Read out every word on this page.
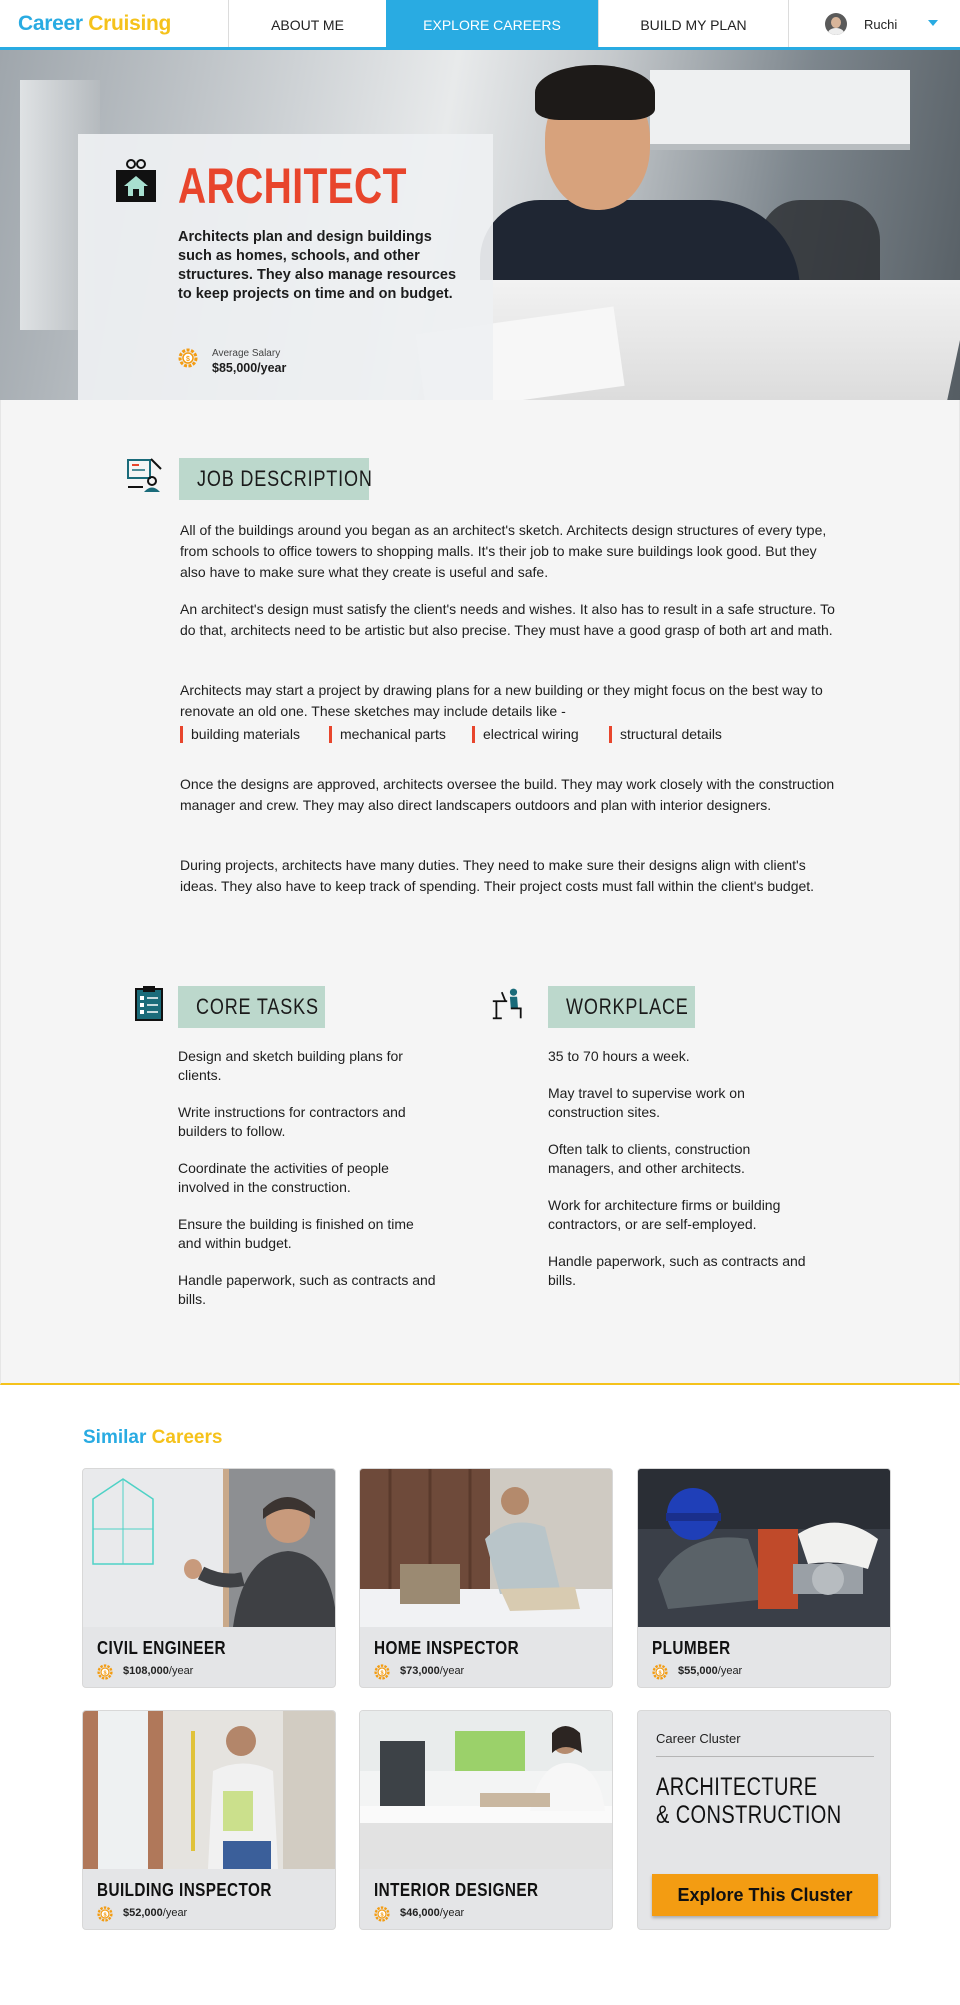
Career Cruising	ABOUT ME	EXPLORE CAREERS	BUILD MY PLAN	Ruchi
ARCHITECT
Architects plan and design buildings such as homes, schools, and other structures. They also manage resources to keep projects on time and on budget.
$
Average Salary
$85,000/year
JOB DESCRIPTION
All of the buildings around you began as an architect's sketch. Architects design structures of every type, from schools to office towers to shopping malls. It's their job to make sure buildings look good. But they also have to make sure what they create is useful and safe.
An architect's design must satisfy the client's needs and wishes. It also has to result in a safe structure. To do that, architects need to be artistic but also precise. They must have a good grasp of both art and math.
Architects may start a project by drawing plans for a new building or they might focus on the best way to renovate an old one. These sketches may include details like -
building materials	mechanical parts	electrical wiring	structural details
Once the designs are approved, architects oversee the build. They may work closely with the construction manager and crew. They may also direct landscapers outdoors and plan with interior designers.
During projects, architects have many duties. They need to make sure their designs align with client's ideas. They also have to keep track of spending. Their project costs must fall within the client's budget.
CORE TASKS
Design and sketch building plans for clients.
Write instructions for contractors and builders to follow.
Coordinate the activities of people involved in the construction.
Ensure the building is finished on time and within budget.
Handle paperwork, such as contracts and bills.
WORKPLACE
35 to 70 hours a week.
May travel to supervise work on construction sites.
Often talk to clients, construction managers, and other architects.
Work for architecture firms or building contractors, or are self-employed.
Handle paperwork, such as contracts and bills.
Similar Careers
CIVIL ENGINEER
$ $108,000/year
HOME INSPECTOR
$ $73,000/year
PLUMBER
$ $55,000/year
BUILDING INSPECTOR
$ $52,000/year
INTERIOR DESIGNER
$ $46,000/year
Career Cluster
ARCHITECTURE
& CONSTRUCTION
Explore This Cluster
